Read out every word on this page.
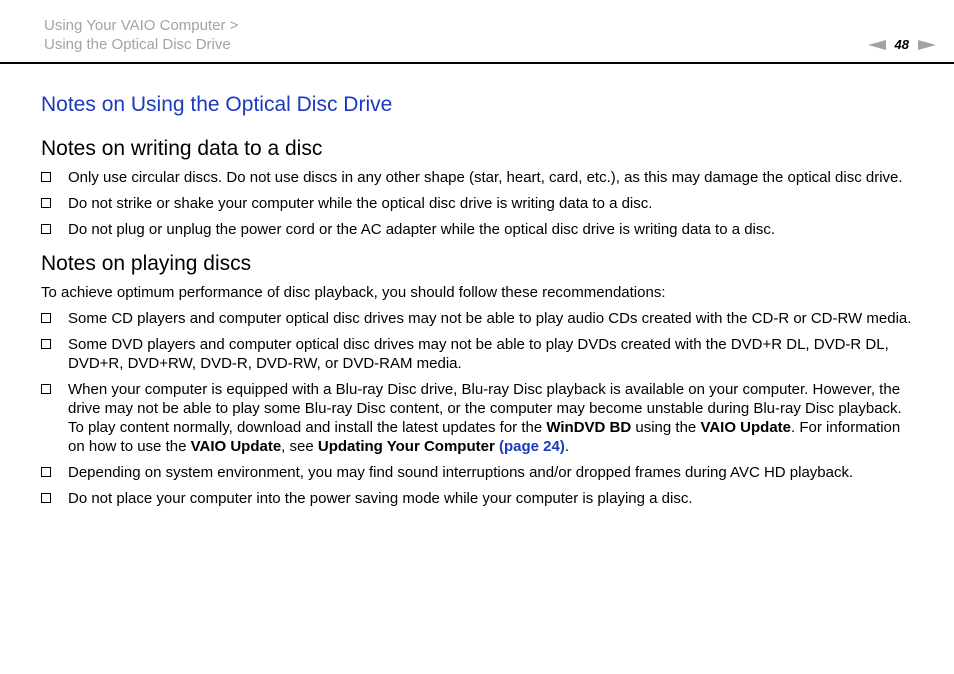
Using Your VAIO Computer >
Using the Optical Disc Drive	48
Notes on Using the Optical Disc Drive
Notes on writing data to a disc
Only use circular discs. Do not use discs in any other shape (star, heart, card, etc.), as this may damage the optical disc drive.
Do not strike or shake your computer while the optical disc drive is writing data to a disc.
Do not plug or unplug the power cord or the AC adapter while the optical disc drive is writing data to a disc.
Notes on playing discs

To achieve optimum performance of disc playback, you should follow these recommendations:

Some CD players and computer optical disc drives may not be able to play audio CDs created with the CD-R or CD-RW media.
Some DVD players and computer optical disc drives may not be able to play DVDs created with the DVD+R DL, DVD-R DL, DVD+R, DVD+RW, DVD-R, DVD-RW, or DVD-RAM media.
When your computer is equipped with a Blu-ray Disc drive, Blu-ray Disc playback is available on your computer. However, the drive may not be able to play some Blu-ray Disc content, or the computer may become unstable during Blu-ray Disc playback. To play content normally, download and install the latest updates for the WinDVD BD using the VAIO Update. For information on how to use the VAIO Update, see Updating Your Computer (page 24).
Depending on system environment, you may find sound interruptions and/or dropped frames during AVC HD playback.
Do not place your computer into the power saving mode while your computer is playing a disc.
